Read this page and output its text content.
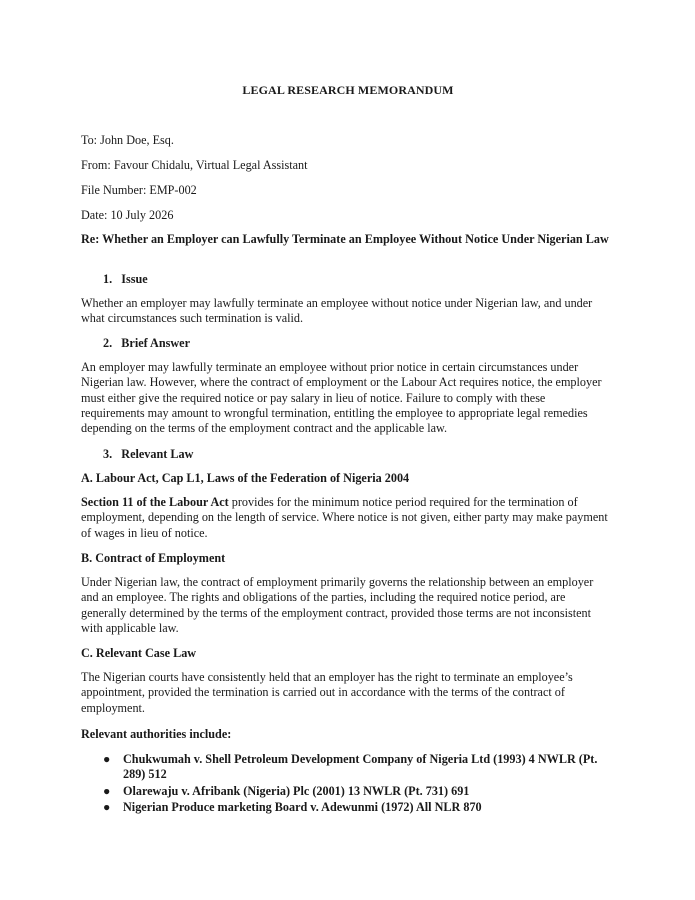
LEGAL RESEARCH MEMORANDUM
To: John Doe, Esq.
From: Favour Chidalu, Virtual Legal Assistant
File Number: EMP-002
Date: 10 July 2026
Re: Whether an Employer can Lawfully Terminate an Employee Without Notice Under Nigerian Law
1.   Issue
Whether an employer may lawfully terminate an employee without notice under Nigerian law, and under what circumstances such termination is valid.
2.   Brief Answer
An employer may lawfully terminate an employee without prior notice in certain circumstances under Nigerian law. However, where the contract of employment or the Labour Act requires notice, the employer must either give the required notice or pay salary in lieu of notice. Failure to comply with these requirements may amount to wrongful termination, entitling the employee to appropriate legal remedies depending on the terms of the employment contract and the applicable law.
3.   Relevant Law
A. Labour Act, Cap L1, Laws of the Federation of Nigeria 2004
Section 11 of the Labour Act provides for the minimum notice period required for the termination of employment, depending on the length of service. Where notice is not given, either party may make payment of wages in lieu of notice.
B. Contract of Employment
Under Nigerian law, the contract of employment primarily governs the relationship between an employer and an employee. The rights and obligations of the parties, including the required notice period, are generally determined by the terms of the employment contract, provided those terms are not inconsistent with applicable law.
C. Relevant Case Law
The Nigerian courts have consistently held that an employer has the right to terminate an employee’s appointment, provided the termination is carried out in accordance with the terms of the contract of employment.
Relevant authorities include:
● Chukwumah v. Shell Petroleum Development Company of Nigeria Ltd (1993) 4 NWLR (Pt. 289) 512
● Olarewaju v. Afribank (Nigeria) Plc (2001) 13 NWLR (Pt. 731) 691
● Nigerian Produce marketing Board v. Adewunmi (1972) All NLR 870
